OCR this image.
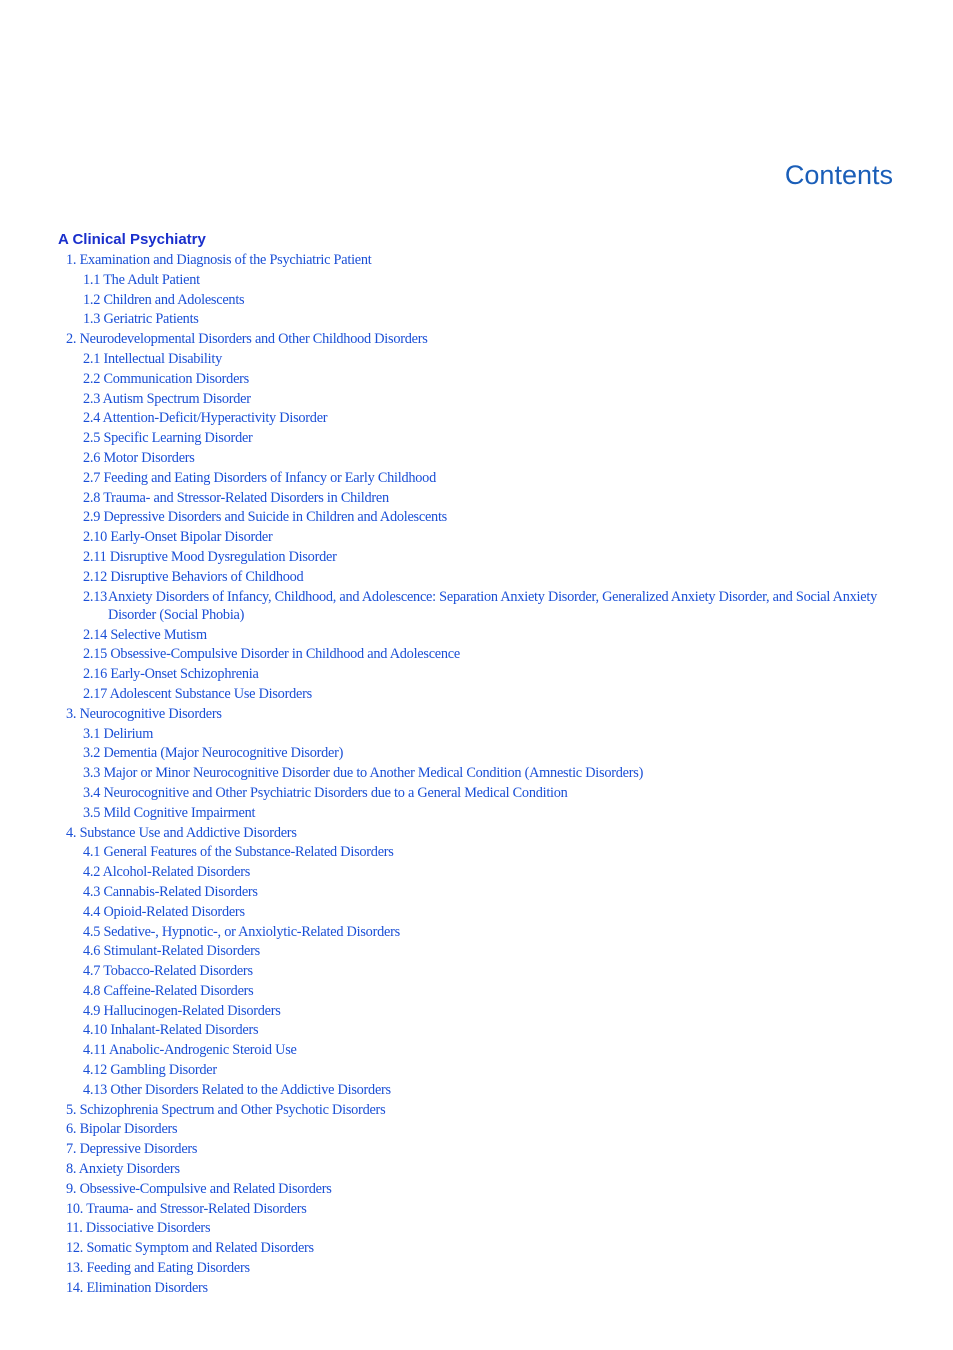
Contents
A Clinical Psychiatry
1. Examination and Diagnosis of the Psychiatric Patient
1.1 The Adult Patient
1.2 Children and Adolescents
1.3 Geriatric Patients
2. Neurodevelopmental Disorders and Other Childhood Disorders
2.1 Intellectual Disability
2.2 Communication Disorders
2.3 Autism Spectrum Disorder
2.4 Attention-Deficit/Hyperactivity Disorder
2.5 Specific Learning Disorder
2.6 Motor Disorders
2.7 Feeding and Eating Disorders of Infancy or Early Childhood
2.8 Trauma- and Stressor-Related Disorders in Children
2.9 Depressive Disorders and Suicide in Children and Adolescents
2.10 Early-Onset Bipolar Disorder
2.11 Disruptive Mood Dysregulation Disorder
2.12 Disruptive Behaviors of Childhood
2.13 Anxiety Disorders of Infancy, Childhood, and Adolescence: Separation Anxiety Disorder, Generalized Anxiety Disorder, and Social Anxiety Disorder (Social Phobia)
2.14 Selective Mutism
2.15 Obsessive-Compulsive Disorder in Childhood and Adolescence
2.16 Early-Onset Schizophrenia
2.17 Adolescent Substance Use Disorders
3. Neurocognitive Disorders
3.1 Delirium
3.2 Dementia (Major Neurocognitive Disorder)
3.3 Major or Minor Neurocognitive Disorder due to Another Medical Condition (Amnestic Disorders)
3.4 Neurocognitive and Other Psychiatric Disorders due to a General Medical Condition
3.5 Mild Cognitive Impairment
4. Substance Use and Addictive Disorders
4.1 General Features of the Substance-Related Disorders
4.2 Alcohol-Related Disorders
4.3 Cannabis-Related Disorders
4.4 Opioid-Related Disorders
4.5 Sedative-, Hypnotic-, or Anxiolytic-Related Disorders
4.6 Stimulant-Related Disorders
4.7 Tobacco-Related Disorders
4.8 Caffeine-Related Disorders
4.9 Hallucinogen-Related Disorders
4.10 Inhalant-Related Disorders
4.11 Anabolic-Androgenic Steroid Use
4.12 Gambling Disorder
4.13 Other Disorders Related to the Addictive Disorders
5. Schizophrenia Spectrum and Other Psychotic Disorders
6. Bipolar Disorders
7. Depressive Disorders
8. Anxiety Disorders
9. Obsessive-Compulsive and Related Disorders
10. Trauma- and Stressor-Related Disorders
11. Dissociative Disorders
12. Somatic Symptom and Related Disorders
13. Feeding and Eating Disorders
14. Elimination Disorders
